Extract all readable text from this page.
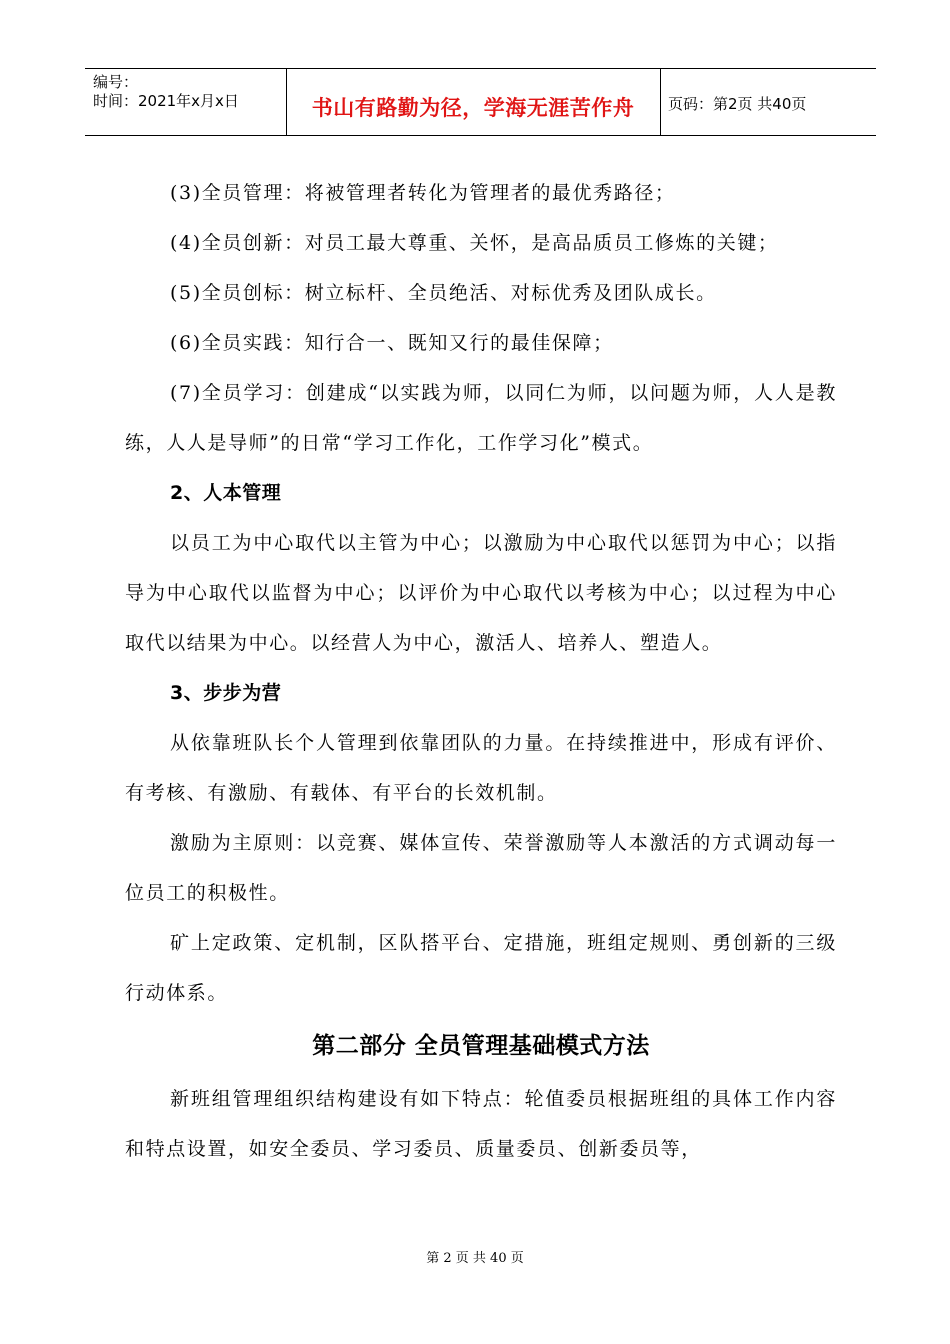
编号：
时间：2021年x月x日	书山有路勤为径，学海无涯苦作舟	页码：第2页 共40页

(3)全员管理：将被管理者转化为管理者的最优秀路径；

(4)全员创新：对员工最大尊重、关怀，是高品质员工修炼的关键；

(5)全员创标：树立标杆、全员绝活、对标优秀及团队成长。

(6)全员实践：知行合一、既知又行的最佳保障；

(7)全员学习：创建成“以实践为师，以同仁为师，以问题为师，人人是教练，人人是导师”的日常“学习工作化，工作学习化”模式。

2、人本管理

以员工为中心取代以主管为中心；以激励为中心取代以惩罚为中心；以指导为中心取代以监督为中心；以评价为中心取代以考核为中心；以过程为中心取代以结果为中心。以经营人为中心，激活人、培养人、塑造人。

3、步步为营

从依靠班队长个人管理到依靠团队的力量。在持续推进中，形成有评价、有考核、有激励、有载体、有平台的长效机制。

激励为主原则：以竞赛、媒体宣传、荣誉激励等人本激活的方式调动每一位员工的积极性。

矿上定政策、定机制，区队搭平台、定措施，班组定规则、勇创新的三级行动体系。

第二部分 全员管理基础模式方法

新班组管理组织结构建设有如下特点：轮值委员根据班组的具体工作内容和特点设置，如安全委员、学习委员、质量委员、创新委员等，

第 2 页 共 40 页
